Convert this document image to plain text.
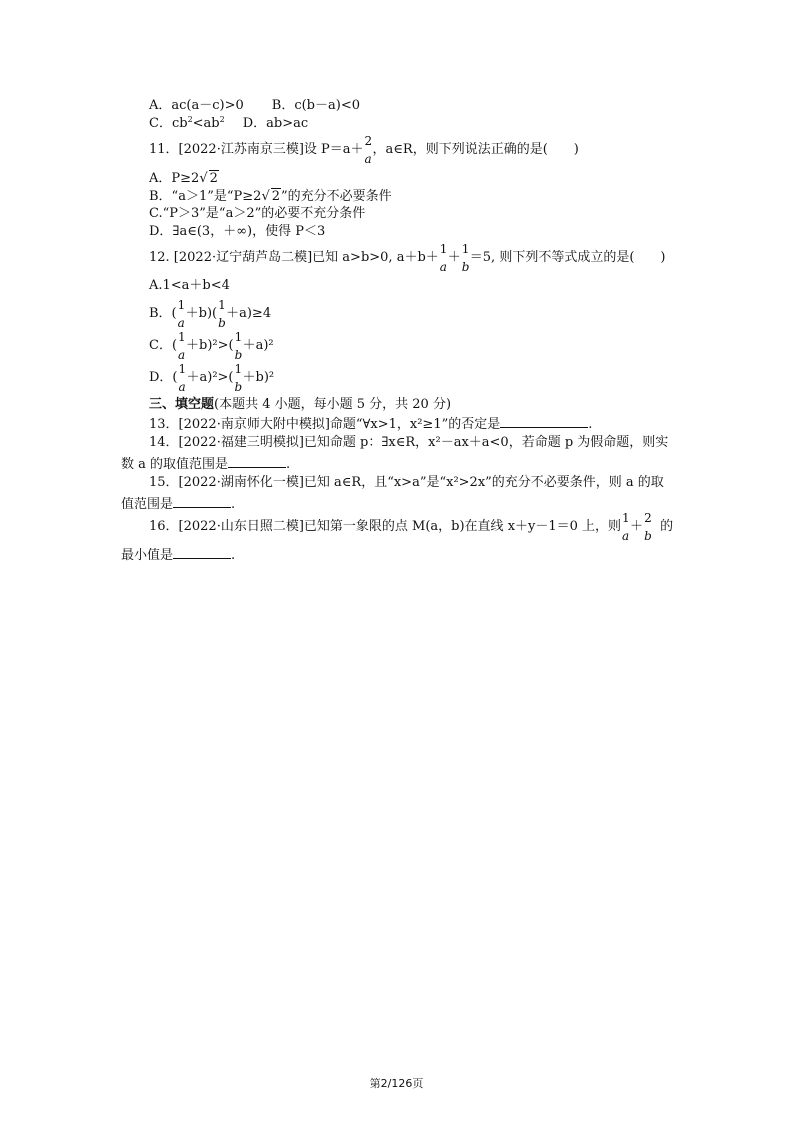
A．ac(a－c)>0 B．c(b－a)<0
C．$cb^2<ab^2$ D．ab>ac
11．[2022·江苏南京三模]设 P＝a＋
2
a
，a∈R，则下列说法正确的是(　　)
A．P≥2√ 2
B．“a＞1”是“P≥2√ 2”的充分不必要条件
C.“P＞3”是“a＞2”的必要不充分条件
D．∃a∈(3，＋∞)，使得 P＜3
12. [2022·辽宁葫芦岛二模]已知 a>b>0, a＋b＋
1
a
＋
1
b
＝5, 则下列不等式成立的是(　　)
A.1<a＋b<4
B．(
1
a
＋b)(
1
b
＋a)≥4
C．(
1
a
＋b)²>(
1
b
＋a)²
D．(
1
a
＋a)²>(
1
b
＋b)²
三、填空题(本题共 4 小题，每小题 5 分，共 20 分)
13．[2022·南京师大附中模拟]命题“∀x>1，x²≥1”的否定是	.
14．[2022·福建三明模拟]已知命题 p：∃x∈R，x²－ax＋a<0，若命题 p 为假命题，则实
数 a 的取值范围是	.
15．[2022·湖南怀化一模]已知 a∈R，且“x>a”是“x²>2x”的充分不必要条件，则 a 的取
值范围是	.
16．[2022·山东日照二模]已知第一象限的点 M(a，b)在直线 x＋y－1＝0 上，则
1
a
＋
2
b
的
最小值是	.
第2/126页
